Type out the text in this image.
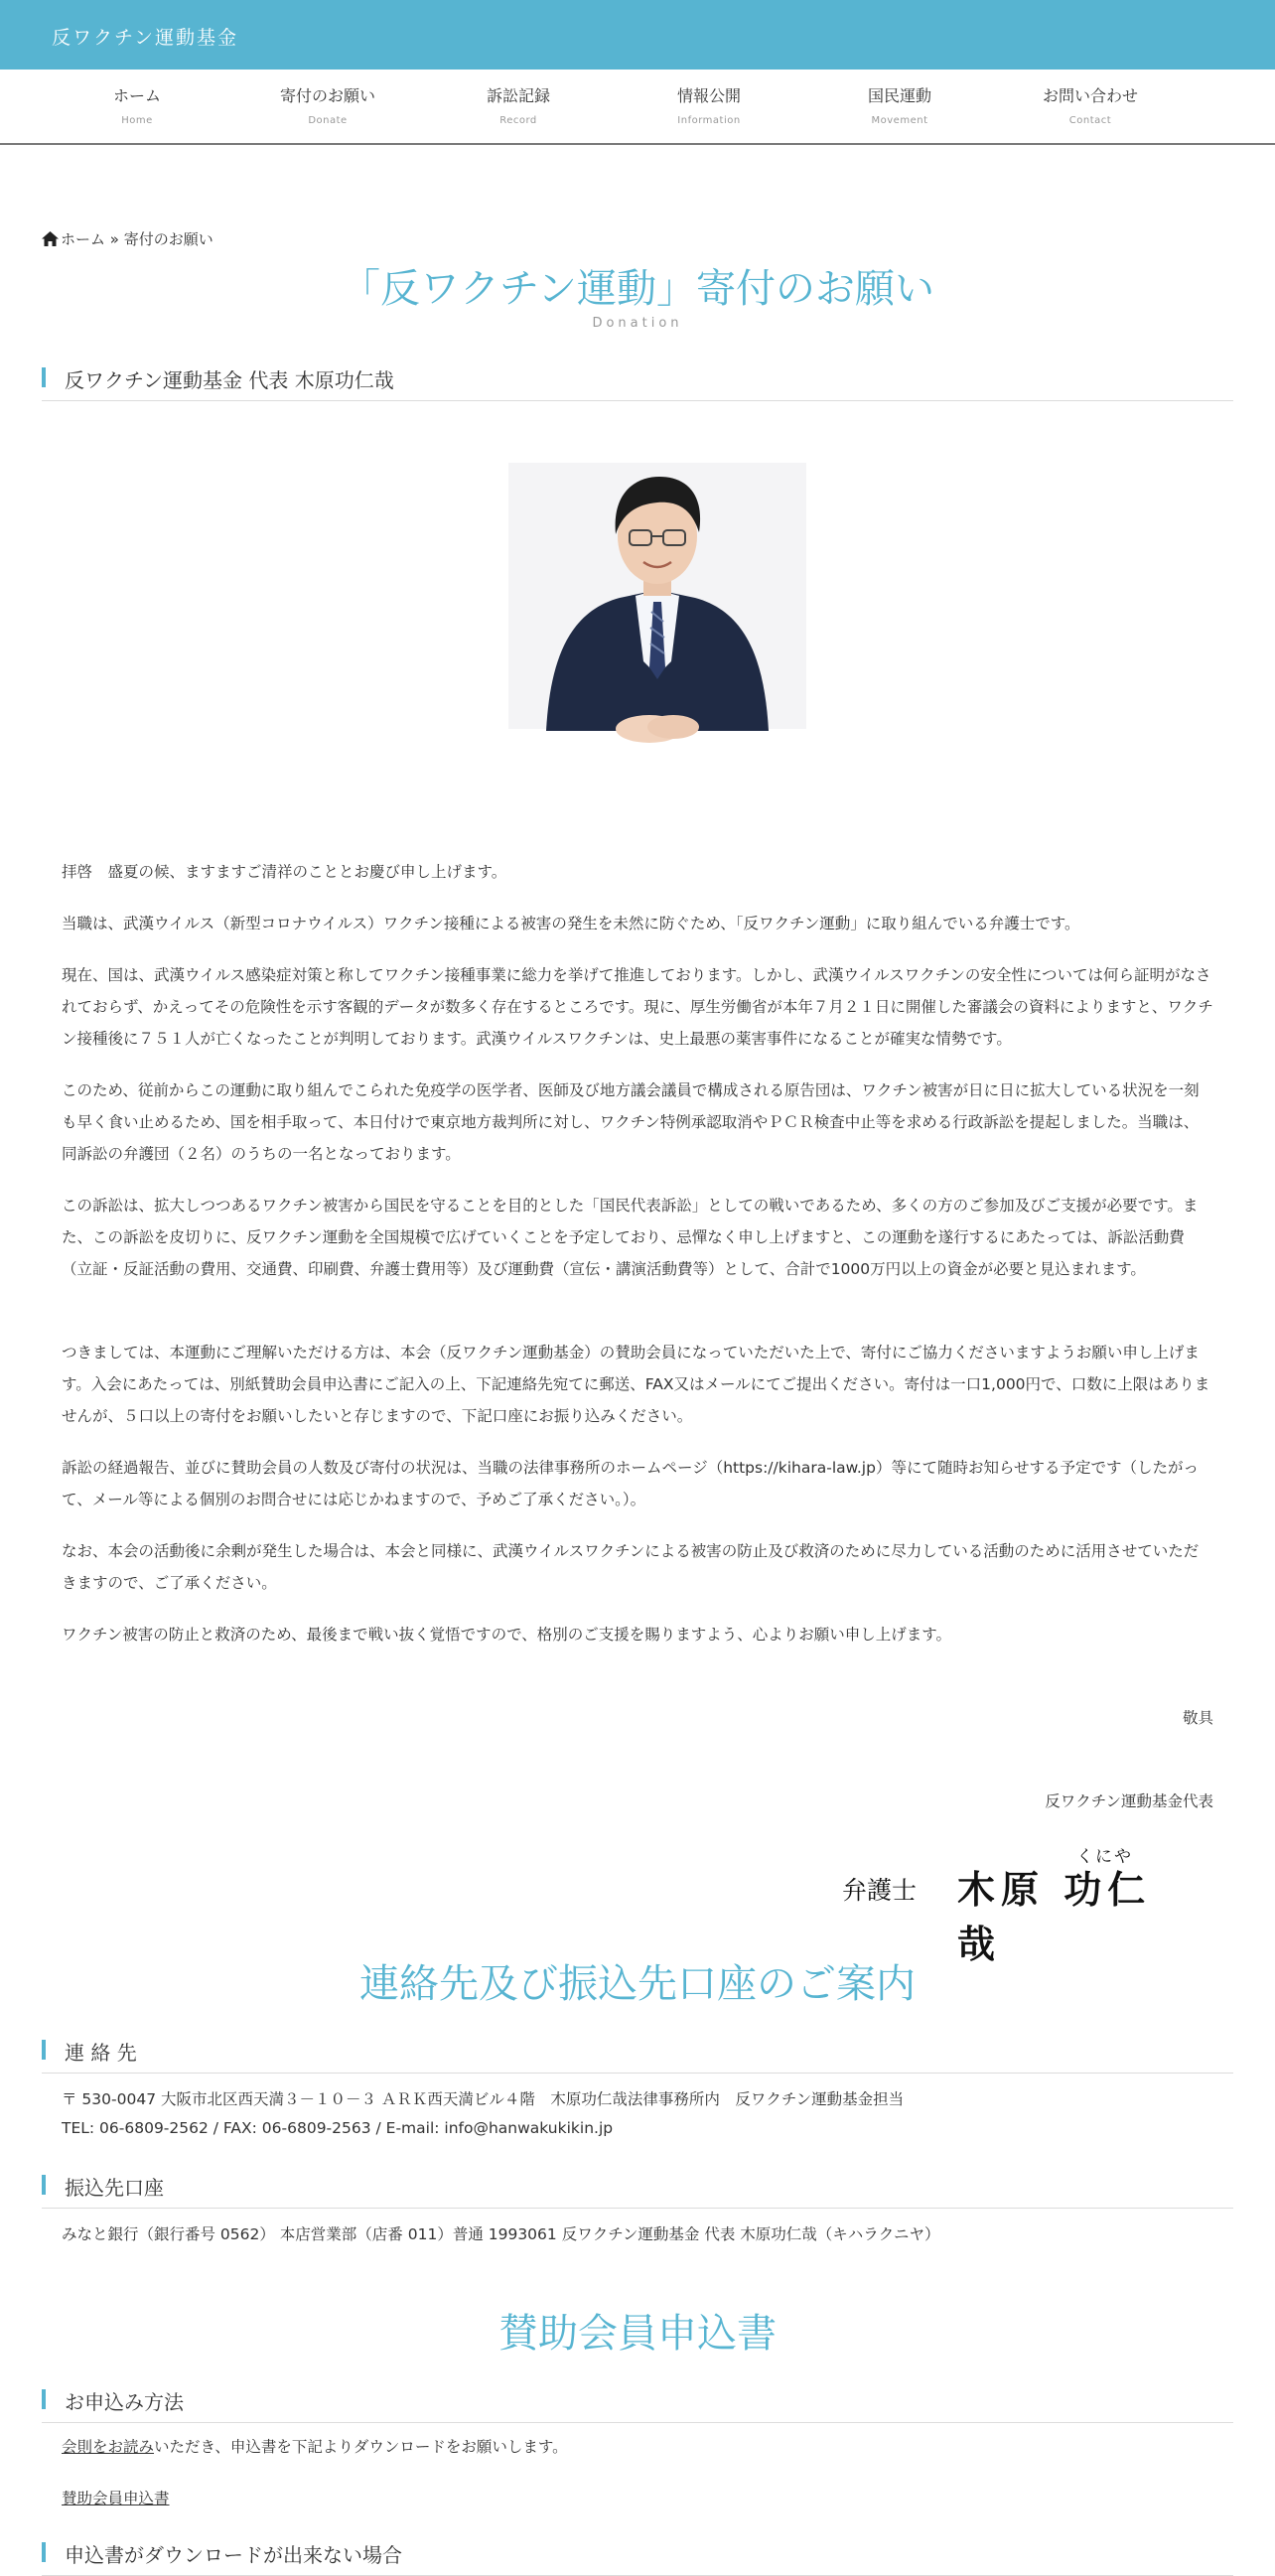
反ワクチン運動基金
ホーム
Home
寄付のお願い
Donate
訴訟記録
Record
情報公開
Information
国民運動
Movement
お問い合わせ
Contact
ホーム » 寄付のお願い
「反ワクチン運動」寄付のお願い
Donation
反ワクチン運動基金 代表 木原功仁哉

拝啓　盛夏の候、ますますご清祥のこととお慶び申し上げます。

当職は、武漢ウイルス（新型コロナウイルス）ワクチン接種による被害の発生を未然に防ぐため、「反ワクチン運動」に取り組んでいる弁護士です。

現在、国は、武漢ウイルス感染症対策と称してワクチン接種事業に総力を挙げて推進しております。しかし、武漢ウイルスワクチンの安全性については何ら証明がなされておらず、かえってその危険性を示す客観的データが数多く存在するところです。現に、厚生労働省が本年７月２１日に開催した審議会の資料によりますと、ワクチン接種後に７５１人が亡くなったことが判明しております。武漢ウイルスワクチンは、史上最悪の薬害事件になることが確実な情勢です。

このため、従前からこの運動に取り組んでこられた免疫学の医学者、医師及び地方議会議員で構成される原告団は、ワクチン被害が日に日に拡大している状況を一刻も早く食い止めるため、国を相手取って、本日付けで東京地方裁判所に対し、ワクチン特例承認取消やＰＣＲ検査中止等を求める行政訴訟を提起しました。当職は、同訴訟の弁護団（２名）のうちの一名となっております。

この訴訟は、拡大しつつあるワクチン被害から国民を守ることを目的とした「国民代表訴訟」としての戦いであるため、多くの方のご参加及びご支援が必要です。また、この訴訟を皮切りに、反ワクチン運動を全国規模で広げていくことを予定しており、忌憚なく申し上げますと、この運動を遂行するにあたっては、訴訟活動費（立証・反証活動の費用、交通費、印刷費、弁護士費用等）及び運動費（宣伝・講演活動費等）として、合計で1000万円以上の資金が必要と見込まれます。

つきましては、本運動にご理解いただける方は、本会（反ワクチン運動基金）の賛助会員になっていただいた上で、寄付にご協力くださいますようお願い申し上げます。入会にあたっては、別紙賛助会員申込書にご記入の上、下記連絡先宛てに郵送、FAX又はメールにてご提出ください。寄付は一口1,000円で、口数に上限はありませんが、５口以上の寄付をお願いしたいと存じますので、下記口座にお振り込みください。

訴訟の経過報告、並びに賛助会員の人数及び寄付の状況は、当職の法律事務所のホームページ（https://kihara-law.jp）等にて随時お知らせする予定です（したがって、メール等による個別のお問合せには応じかねますので、予めご了承ください。）。

なお、本会の活動後に余剰が発生した場合は、本会と同様に、武漢ウイルスワクチンによる被害の防止及び救済のために尽力している活動のために活用させていただきますので、ご了承ください。

ワクチン被害の防止と救済のため、最後まで戦い抜く覚悟ですので、格別のご支援を賜りますよう、心よりお願い申し上げます。

敬具
反ワクチン運動基金代表
弁護士 木原 功仁哉
くにや
連絡先及び振込先口座のご案内
連 絡 先
〒 530-0047 大阪市北区西天満３－１０－３ ＡＲＫ西天満ビル４階　木原功仁哉法律事務所内　反ワクチン運動基金担当
TEL: 06-6809-2562 / FAX: 06-6809-2563 / E-mail: info@hanwakukikin.jp
振込先口座
みなと銀行（銀行番号 0562） 本店営業部（店番 011）普通 1993061 反ワクチン運動基金 代表 木原功仁哉（キハラクニヤ）
賛助会員申込書
お申込み方法
会則をお読みいただき、申込書を下記よりダウンロードをお願いします。
賛助会員申込書
申込書がダウンロードが出来ない場合
